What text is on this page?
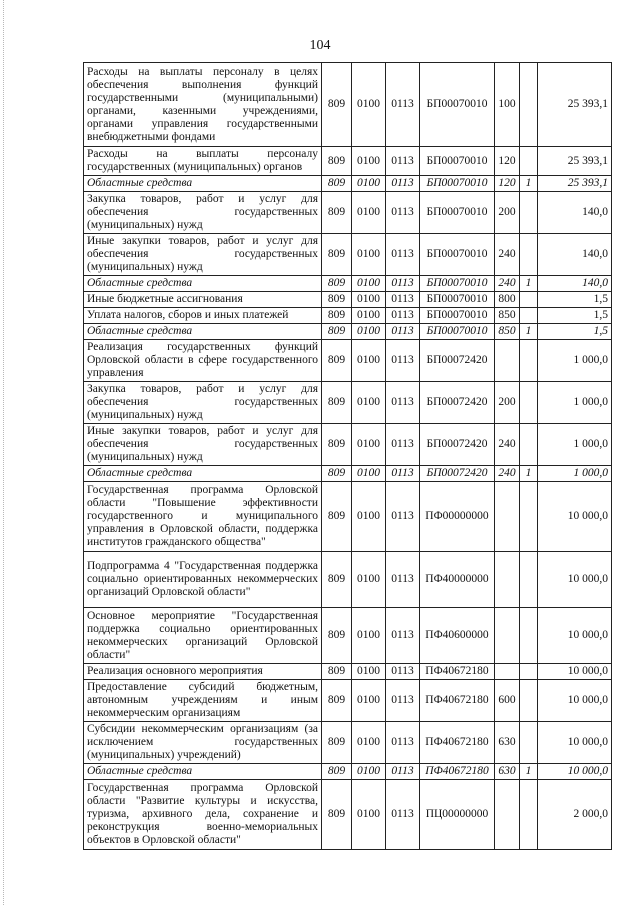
104
Расходы на выплаты персоналу в целях обеспечения выполнения функций государственными (муниципальными) органами, казенными учреждениями, органами управления государственными внебюджетными фондами	809	0100	0113	БП00070010	100		25 393,1
Расходы на выплаты персоналу государственных (муниципальных) органов	809	0100	0113	БП00070010	120		25 393,1
Областные средства	809	0100	0113	БП00070010	120	1	25 393,1
Закупка товаров, работ и услуг для обеспечения государственных (муниципальных) нужд	809	0100	0113	БП00070010	200		140,0
Иные закупки товаров, работ и услуг для обеспечения государственных (муниципальных) нужд	809	0100	0113	БП00070010	240		140,0
Областные средства	809	0100	0113	БП00070010	240	1	140,0
Иные бюджетные ассигнования	809	0100	0113	БП00070010	800		1,5
Уплата налогов, сборов и иных платежей	809	0100	0113	БП00070010	850		1,5
Областные средства	809	0100	0113	БП00070010	850	1	1,5
Реализация государственных функций Орловской области в сфере государственного управления	809	0100	0113	БП00072420			1 000,0
Закупка товаров, работ и услуг для обеспечения государственных (муниципальных) нужд	809	0100	0113	БП00072420	200		1 000,0
Иные закупки товаров, работ и услуг для обеспечения государственных (муниципальных) нужд	809	0100	0113	БП00072420	240		1 000,0
Областные средства	809	0100	0113	БП00072420	240	1	1 000,0
Государственная программа Орловской области "Повышение эффективности государственного и муниципального управления в Орловской области, поддержка институтов гражданского общества"	809	0100	0113	ПФ00000000			10 000,0
Подпрограмма 4 "Государственная поддержка социально ориентированных некоммерческих организаций Орловской области"	809	0100	0113	ПФ40000000			10 000,0
Основное мероприятие "Государственная поддержка социально ориентированных некоммерческих организаций Орловской области"	809	0100	0113	ПФ40600000			10 000,0
Реализация основного мероприятия	809	0100	0113	ПФ40672180			10 000,0
Предоставление субсидий бюджетным, автономным учреждениям и иным некоммерческим организациям	809	0100	0113	ПФ40672180	600		10 000,0
Субсидии некоммерческим организациям (за исключением государственных (муниципальных) учреждений)	809	0100	0113	ПФ40672180	630		10 000,0
Областные средства	809	0100	0113	ПФ40672180	630	1	10 000,0
Государственная программа Орловской области "Развитие культуры и искусства, туризма, архивного дела, сохранение и реконструкция военно-мемориальных объектов в Орловской области"	809	0100	0113	ПЦ00000000			2 000,0
